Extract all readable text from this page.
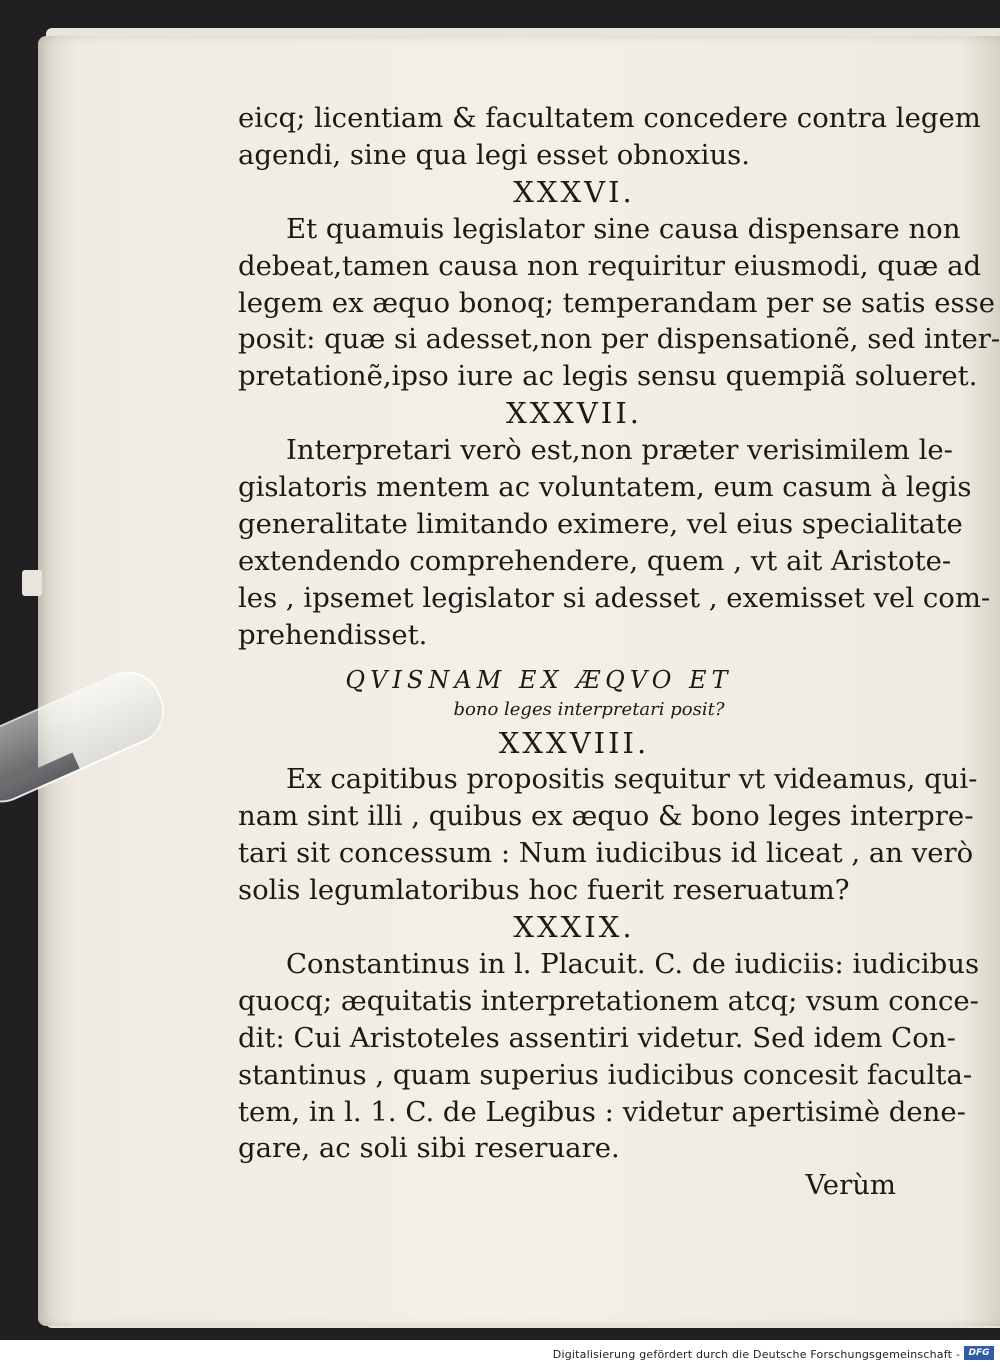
eicq; licentiam & facultatem concedere contra legem
agendi, sine qua legi esset obnoxius.
XXXVI.
Et quamuis legislator sine causa dispensare non
debeat,tamen causa non requiritur eiusmodi, quæ ad
legem ex æquo bonoq; temperandam per se satis esse
posit: quæ si adesset,non per dispensationẽ, sed inter-
pretationẽ,ipso iure ac legis sensu quempiã solueret.
XXXVII.
Interpretari verò est,non præter verisimilem le-
gislatoris mentem ac voluntatem, eum casum à legis
generalitate limitando eximere, vel eius specialitate
extendendo comprehendere, quem , vt ait Aristote-
les , ipsemet legislator si adesset , exemisset vel com-
prehendisset.
QVISNAM EX ÆQVO ET
bono leges interpretari posit?
XXXVIII.
Ex capitibus propositis sequitur vt videamus, qui-
nam sint illi , quibus ex æquo & bono leges interpre-
tari sit concessum : Num iudicibus id liceat , an verò
solis legumlatoribus hoc fuerit reseruatum?
XXXIX.
Constantinus in l. Placuit. C. de iudiciis: iudicibus
quocq; æquitatis interpretationem atcq; vsum conce-
dit: Cui Aristoteles assentiri videtur. Sed idem Con-
stantinus , quam superius iudicibus concesit faculta-
tem, in l. 1. C. de Legibus : videtur apertisimè dene-
gare, ac soli sibi reseruare.
Verùm
Digitalisierung gefördert durch die Deutsche Forschungsgemeinschaft - DFG
